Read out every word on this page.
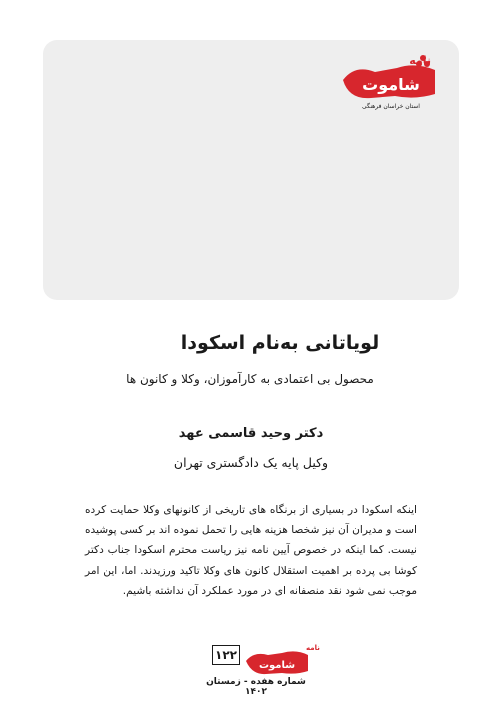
نامه
شاموت
استان خراسان فرهنگی
لویاتانی به‌نام اسکودا
محصول بی اعتمادی به کارآموزان، وکلا و کانون ها
دکتر وحید قاسمی عهد
وکیل پایه یک دادگستری تهران

اینکه اسکودا در بسیاری از برنگاه های تاریخی از کانونهای وکلا حمایت کرده است و مدیران آن نیز شخصا هزینه هایی را تحمل نموده اند بر کسی پوشیده نیست. کما اینکه در خصوص آیین نامه نیز ریاست محترم اسکودا جناب دکتر کوشا بی پرده بر اهمیت استقلال کانون های وکلا تاکید ورزیدند. اما، این امر موجب نمی شود نقد منصفانه ای در مورد عملکرد آن نداشته باشیم.

۱۲۲
شاموت
نامه
شماره هفده - زمستان ۱۴۰۲
